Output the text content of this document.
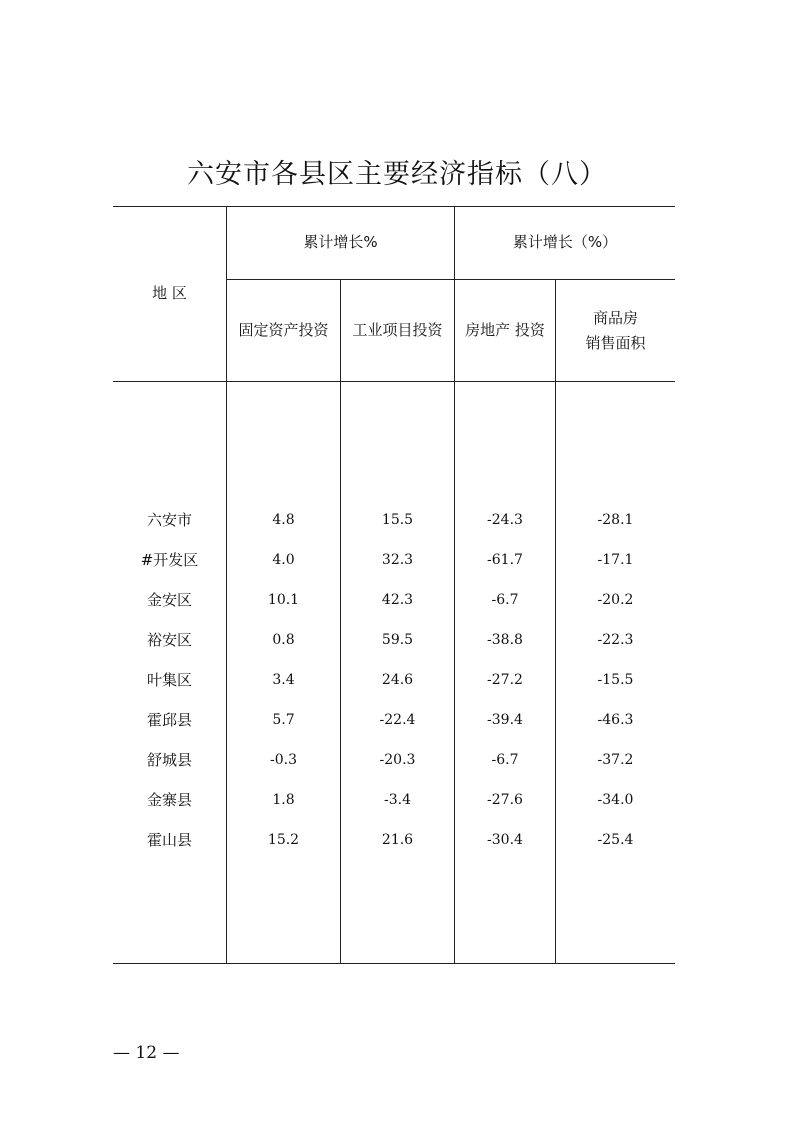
六安市各县区主要经济指标（八）
地 区
累计增长%	累计增长（%）
固定资产投资	工业项目投资	房地产 投资
商品房
销售面积
六安市	4.8	15.5	-24.3	-28.1
#开发区	4.0	32.3	-61.7	-17.1
金安区	10.1	42.3	-6.7	-20.2
裕安区	0.8	59.5	-38.8	-22.3
叶集区	3.4	24.6	-27.2	-15.5
霍邱县	5.7	-22.4	-39.4	-46.3
舒城县	-0.3	-20.3	-6.7	-37.2
金寨县	1.8	-3.4	-27.6	-34.0
霍山县	15.2	21.6	-30.4	-25.4
— 12 —
